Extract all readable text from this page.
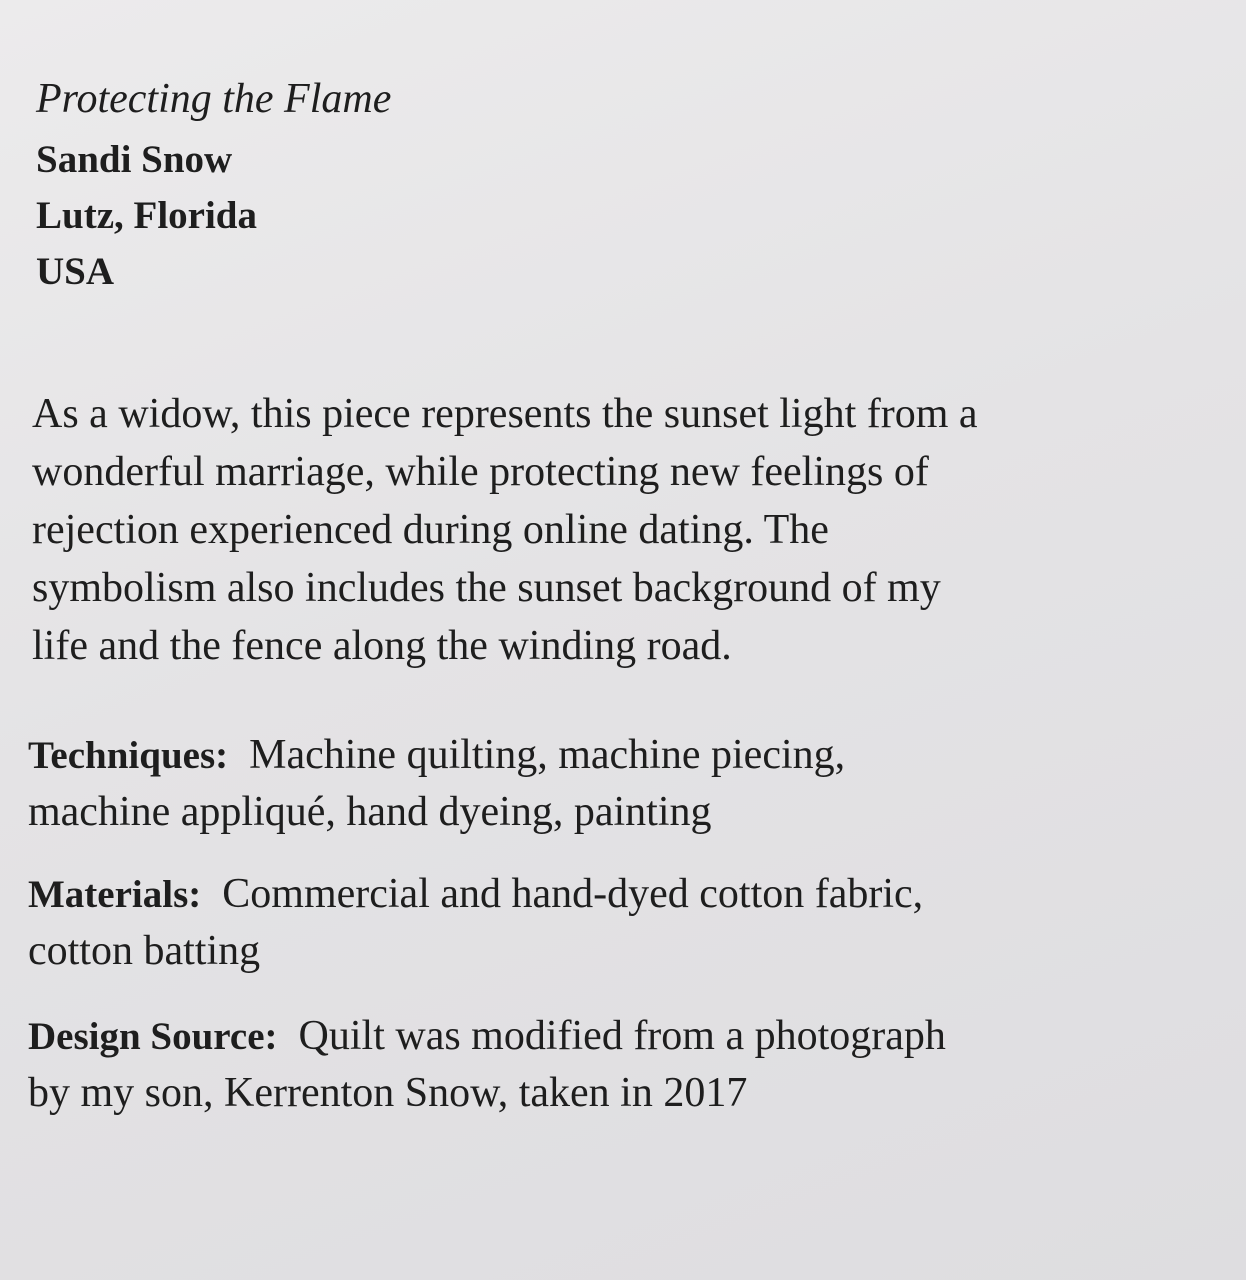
Protecting the Flame

Sandi Snow

Lutz, Florida

USA

As a widow, this piece represents the sunset light from a
wonderful marriage, while protecting new feelings of
rejection experienced during online dating. The
symbolism also includes the sunset background of my
life and the fence along the winding road.

Techniques: Machine quilting, machine piecing,
machine appliqué, hand dyeing, painting

Materials: Commercial and hand-dyed cotton fabric,
cotton batting

Design Source: Quilt was modified from a photograph
by my son, Kerrenton Snow, taken in 2017
